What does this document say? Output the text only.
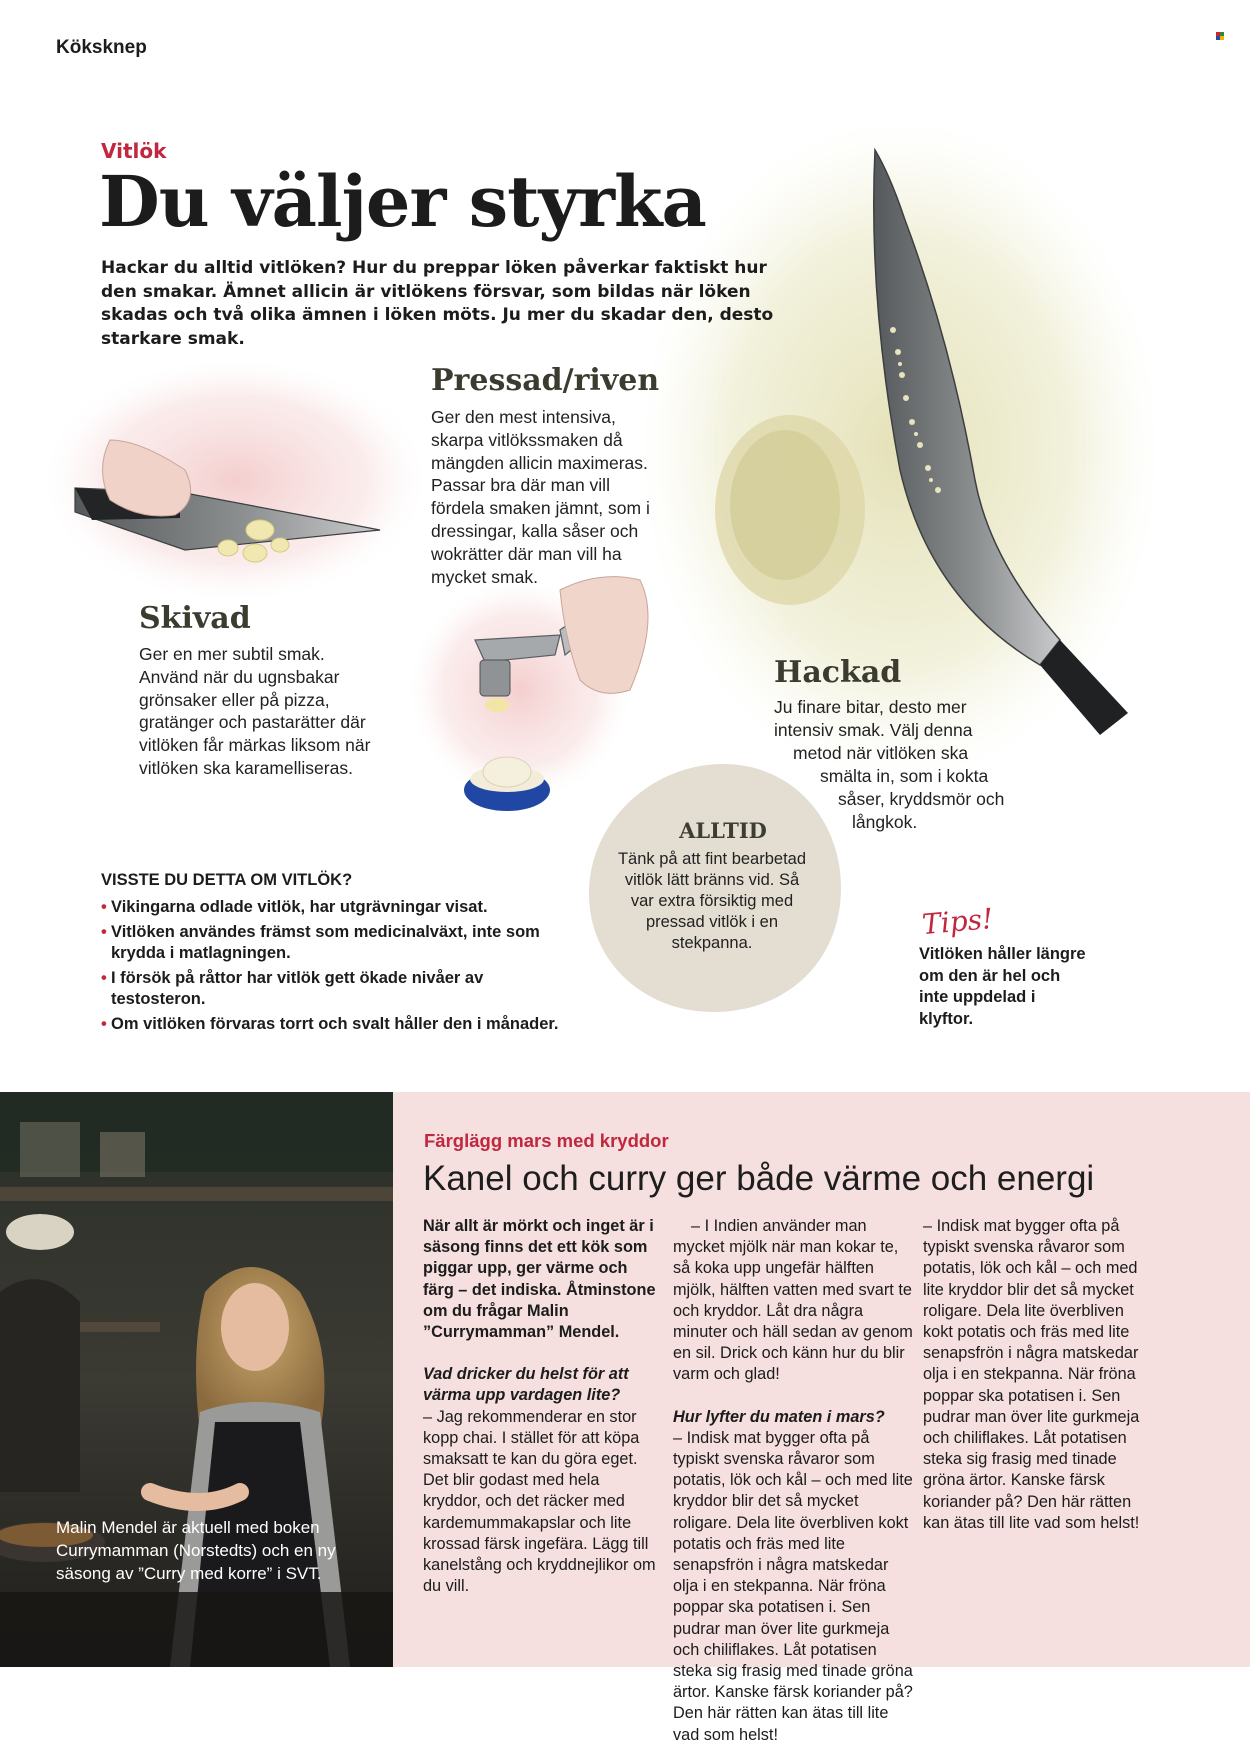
Köksknep
Vitlök
Du väljer styrka
Hackar du alltid vitlöken? Hur du preppar löken påverkar faktiskt hur den smakar. Ämnet allicin är vitlökens försvar, som bildas när löken skadas och två olika ämnen i löken möts. Ju mer du skadar den, desto starkare smak.
Pressad/riven
Ger den mest intensiva, skarpa vitlökssmaken då mängden allicin maximeras. Passar bra där man vill fördela smaken jämnt, som i dressingar, kalla såser och wokrätter där man vill ha mycket smak.
Skivad
Ger en mer subtil smak. Använd när du ugnsbakar grönsaker eller på pizza, gratänger och pastarätter där vitlöken får märkas liksom när vitlöken ska karamelliseras.
Hackad
Ju finare bitar, desto mer
intensiv smak. Välj denna
metod när vitlöken ska
smälta in, som i kokta
såser, kryddsmör och
långkok.
ALLTID
Tänk på att fint bearbetad vitlök lätt bränns vid. Så var extra försiktig med pressad vitlök i en stekpanna.
VISSTE DU DETTA OM VITLÖK?
• Vikingarna odlade vitlök, har utgrävningar visat.
• Vitlöken användes främst som medicinalväxt, inte som krydda i matlagningen.
• I försök på råttor har vitlök gett ökade nivåer av testosteron.
• Om vitlöken förvaras torrt och svalt håller den i månader.
Tips!
Vitlöken håller längre om den är hel och inte uppdelad i klyftor.
Malin Mendel är aktuell med boken Currymamman (Norstedts) och en ny säsong av ”Curry med korre” i SVT.
Färglägg mars med kryddor
Kanel och curry ger både värme och energi

När allt är mörkt och inget är i säsong finns det ett kök som piggar upp, ger värme och färg – det indiska. Åtminstone om du frågar Malin ”Currymamman” Mendel.

Vad dricker du helst för att värma upp vardagen lite?

– Jag rekommenderar en stor kopp chai. I stället för att köpa smaksatt te kan du göra eget. Det blir godast med hela kryddor, och det räcker med kardemummakapslar och lite krossad färsk ingefära. Lägg till kanelstång och kryddnejlikor om du vill.

– I Indien använder man mycket mjölk när man kokar te, så koka upp ungefär hälften mjölk, hälften vatten med svart te och kryddor. Låt dra några minuter och häll sedan av genom en sil. Drick och känn hur du blir varm och glad!

Hur lyfter du maten i mars?

– Indisk mat bygger ofta på typiskt svenska råvaror som potatis, lök och kål – och med lite kryddor blir det så mycket roligare. Dela lite överbliven kokt potatis och fräs med lite senapsfrön i några matskedar olja i en stekpanna. När fröna poppar ska potatisen i. Sen pudrar man över lite gurkmeja och chiliflakes. Låt potatisen steka sig frasig med tinade gröna ärtor. Kanske färsk koriander på? Den här rätten kan ätas till lite vad som helst!

– Indisk mat bygger ofta på typiskt svenska råvaror som potatis, lök och kål – och med lite kryddor blir det så mycket roligare. Dela lite överbliven kokt potatis och fräs med lite senapsfrön i några matskedar olja i en stekpanna. När fröna poppar ska potatisen i. Sen pudrar man över lite gurkmeja och chiliflakes. Låt potatisen steka sig frasig med tinade gröna ärtor. Kanske färsk koriander på? Den här rätten kan ätas till lite vad som helst!
